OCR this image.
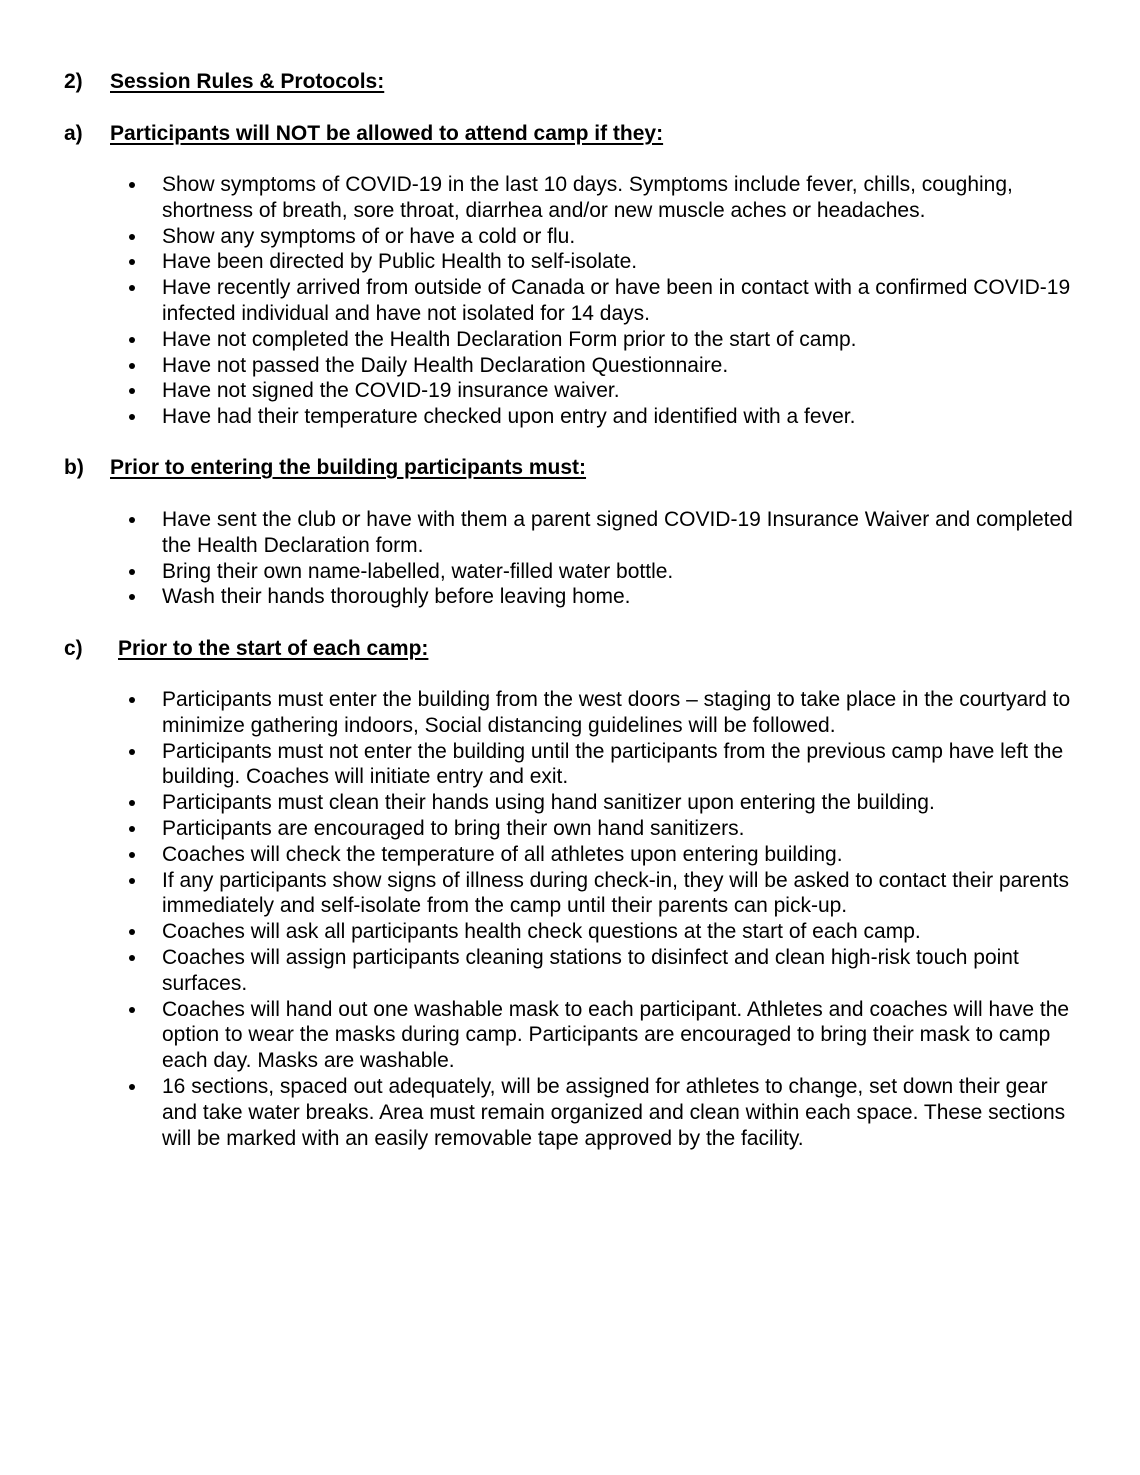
2) Session Rules & Protocols:
a) Participants will NOT be allowed to attend camp if they:
Show symptoms of COVID-19 in the last 10 days. Symptoms include fever, chills, coughing, shortness of breath, sore throat, diarrhea and/or new muscle aches or headaches.
Show any symptoms of or have a cold or flu.
Have been directed by Public Health to self-isolate.
Have recently arrived from outside of Canada or have been in contact with a confirmed COVID-19 infected individual and have not isolated for 14 days.
Have not completed the Health Declaration Form prior to the start of camp.
Have not passed the Daily Health Declaration Questionnaire.
Have not signed the COVID-19 insurance waiver.
Have had their temperature checked upon entry and identified with a fever.
b) Prior to entering the building participants must:
Have sent the club or have with them a parent signed COVID-19 Insurance Waiver and completed the Health Declaration form.
Bring their own name-labelled, water-filled water bottle.
Wash their hands thoroughly before leaving home.
c) Prior to the start of each camp:
Participants must enter the building from the west doors – staging to take place in the courtyard to minimize gathering indoors, Social distancing guidelines will be followed.
Participants must not enter the building until the participants from the previous camp have left the building. Coaches will initiate entry and exit.
Participants must clean their hands using hand sanitizer upon entering the building.
Participants are encouraged to bring their own hand sanitizers.
Coaches will check the temperature of all athletes upon entering building.
If any participants show signs of illness during check-in, they will be asked to contact their parents immediately and self-isolate from the camp until their parents can pick-up.
Coaches will ask all participants health check questions at the start of each camp.
Coaches will assign participants cleaning stations to disinfect and clean high-risk touch point surfaces.
Coaches will hand out one washable mask to each participant. Athletes and coaches will have the option to wear the masks during camp. Participants are encouraged to bring their mask to camp each day. Masks are washable.
16 sections, spaced out adequately, will be assigned for athletes to change, set down their gear and take water breaks. Area must remain organized and clean within each space. These sections will be marked with an easily removable tape approved by the facility.
